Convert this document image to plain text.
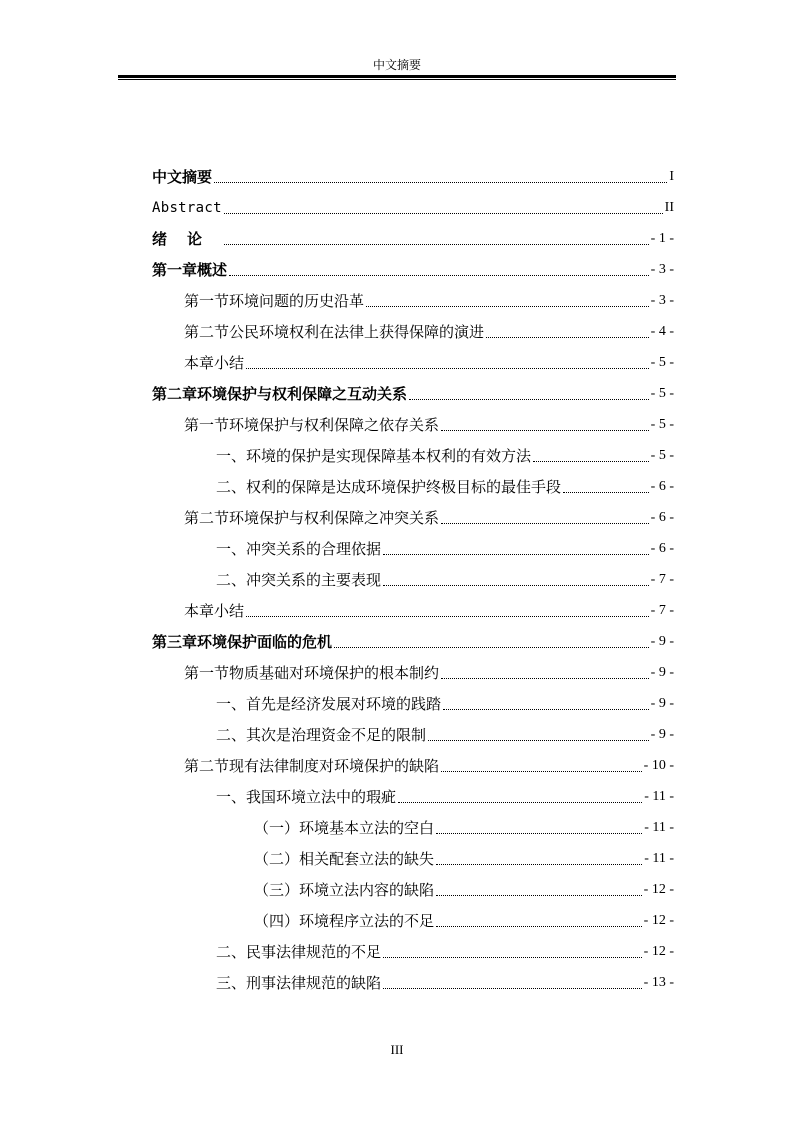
中文摘要
中文摘要	I
Abstract	II
绪论	- 1 -
第一章概述	- 3 -
第一节环境问题的历史沿革	- 3 -
第二节公民环境权利在法律上获得保障的演进	- 4 -
本章小结	- 5 -
第二章环境保护与权利保障之互动关系	- 5 -
第一节环境保护与权利保障之依存关系	- 5 -
一、环境的保护是实现保障基本权利的有效方法	- 5 -
二、权利的保障是达成环境保护终极目标的最佳手段	- 6 -
第二节环境保护与权利保障之冲突关系	- 6 -
一、冲突关系的合理依据	- 6 -
二、冲突关系的主要表现	- 7 -
本章小结	- 7 -
第三章环境保护面临的危机	- 9 -
第一节物质基础对环境保护的根本制约	- 9 -
一、首先是经济发展对环境的践踏	- 9 -
二、其次是治理资金不足的限制	- 9 -
第二节现有法律制度对环境保护的缺陷	- 10 -
一、我国环境立法中的瑕疵	- 11 -
（一）环境基本立法的空白	- 11 -
（二）相关配套立法的缺失	- 11 -
（三）环境立法内容的缺陷	- 12 -
（四）环境程序立法的不足	- 12 -
二、民事法律规范的不足	- 12 -
三、刑事法律规范的缺陷	- 13 -
III
